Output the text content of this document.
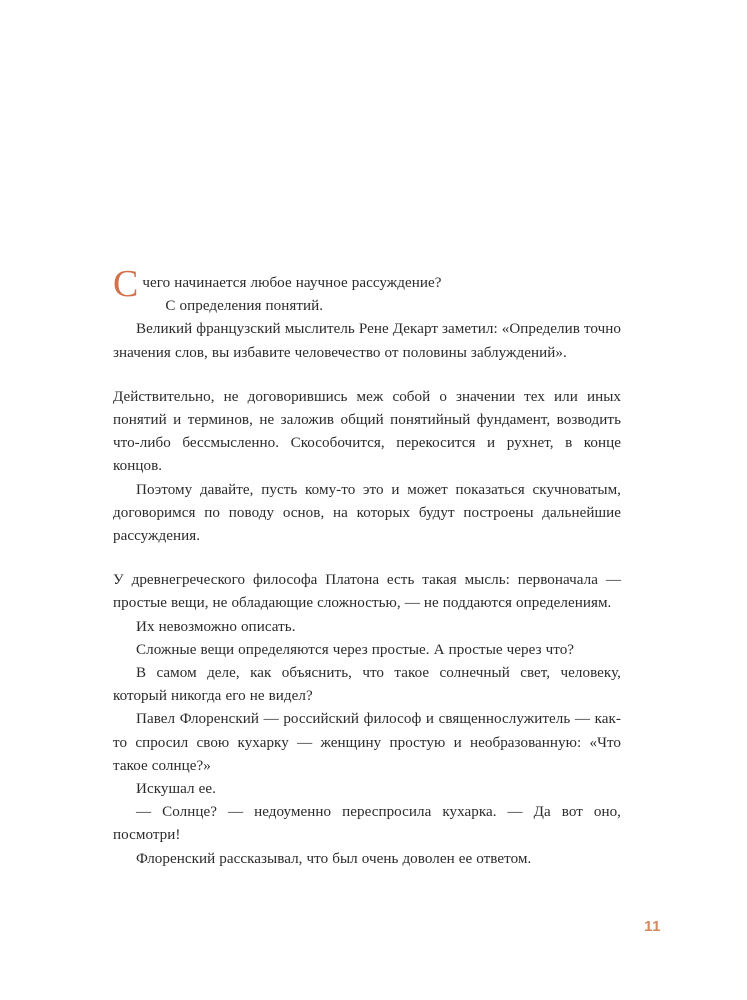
Счего начинается любое научное рассуждение?

С определения понятий.

Великий французский мыслитель Рене Декарт заметил: «Определив точно значения слов, вы избавите человечество от половины заблуждений».

Действительно, не договорившись меж собой о значении тех или иных понятий и терминов, не заложив общий понятийный фундамент, возводить что-либо бессмысленно. Скособочится, перекосится и рухнет, в конце концов.

Поэтому давайте, пусть кому-то это и может показаться скучноватым, договоримся по поводу основ, на которых будут построены дальнейшие рассуждения.

У древнегреческого философа Платона есть такая мысль: первоначала — простые вещи, не обладающие сложностью, — не поддаются определениям.

Их невозможно описать.

Сложные вещи определяются через простые. А простые через что?

В самом деле, как объяснить, что такое солнечный свет, человеку, который никогда его не видел?

Павел Флоренский — российский философ и священнослужитель — как-то спросил свою кухарку — женщину простую и необразованную: «Что такое солнце?»

Искушал ее.

— Солнце? — недоуменно переспросила кухарка. — Да вот оно, посмотри!

Флоренский рассказывал, что был очень доволен ее ответом.

11
